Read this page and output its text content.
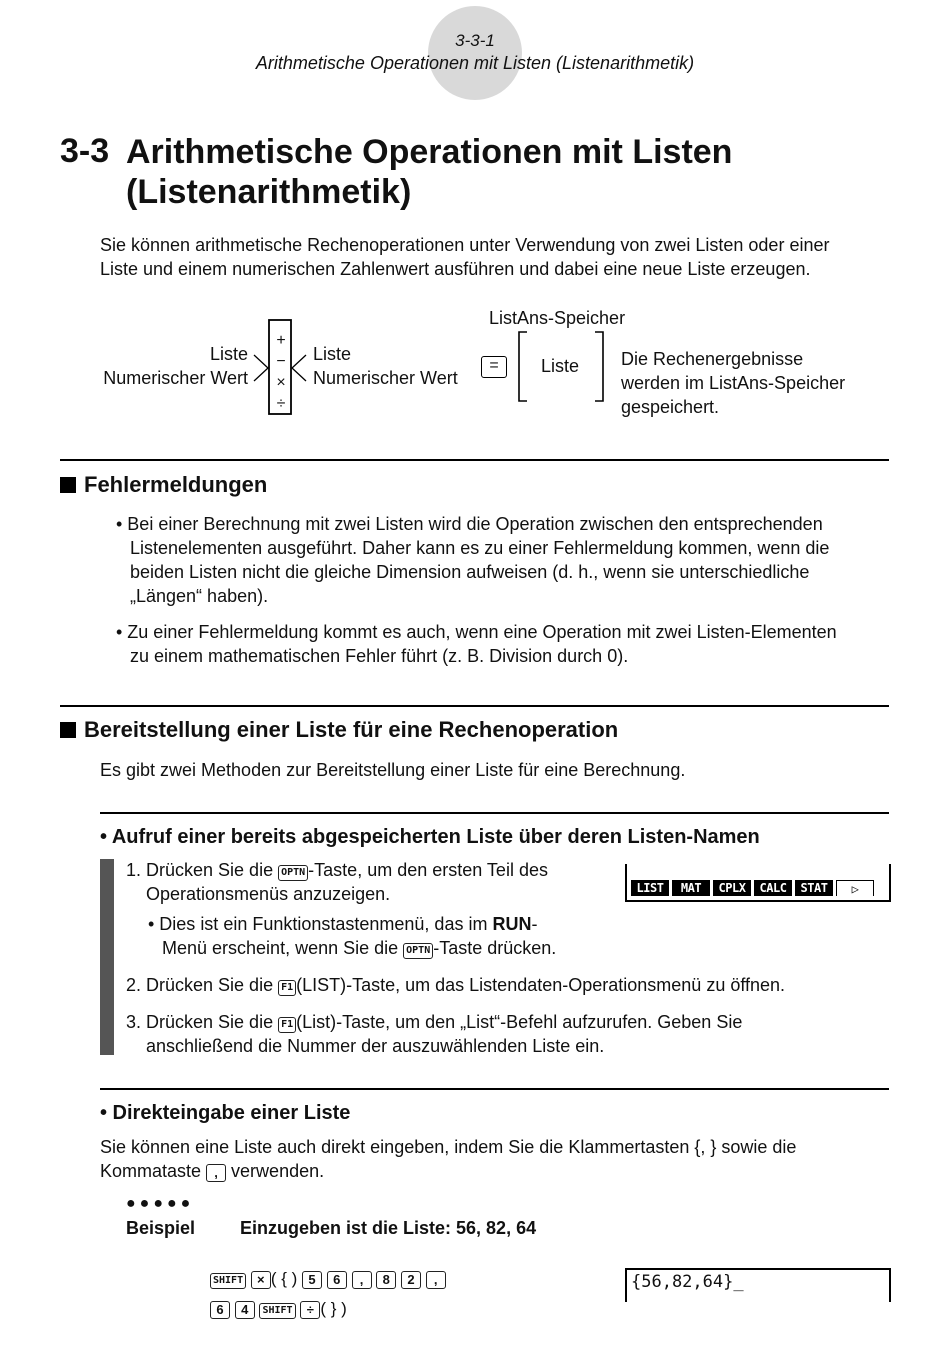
3-3-1
Arithmetische Operationen mit Listen (Listenarithmetik)
3-3 Arithmetische Operationen mit Listen
(Listenarithmetik)
Sie können arithmetische Rechenoperationen unter Verwendung von zwei Listen oder einer
Liste und einem numerischen Zahlenwert ausführen und dabei eine neue Liste erzeugen.
Liste
Numerischer Wert
+
−
×
÷
Liste
Numerischer Wert
=
ListAns-Speicher
Liste Die Rechenergebnisse
werden im ListAns-Speicher
gespeichert.
Fehlermeldungen
• Bei einer Berechnung mit zwei Listen wird die Operation zwischen den entsprechenden
Listenelementen ausgeführt. Daher kann es zu einer Fehlermeldung kommen, wenn die
beiden Listen nicht die gleiche Dimension aufweisen (d. h., wenn sie unterschiedliche
„Längen“ haben).
• Zu einer Fehlermeldung kommt es auch, wenn eine Operation mit zwei Listen-Elementen
zu einem mathematischen Fehler führt (z. B. Division durch 0).
Bereitstellung einer Liste für eine Rechenoperation
Es gibt zwei Methoden zur Bereitstellung einer Liste für eine Berechnung.
• Aufruf einer bereits abgespeicherten Liste über deren Listen-Namen
1. Drücken Sie die OPTN -Taste, um den ersten Teil des
Operationsmenüs anzuzeigen.
• Dies ist ein Funktionstastenmenü, das im RUN-
Menü erscheint, wenn Sie die OPTN -Taste drücken.
LIST	MAT	CPLX	CALC	STAT	▷
2. Drücken Sie die F1 (LIST)-Taste, um das Listendaten-Operationsmenü zu öffnen.
3. Drücken Sie die F1 (List)-Taste, um den „List“-Befehl aufzurufen. Geben Sie
anschließend die Nummer der auszuwählenden Liste ein.
• Direkteingabe einer Liste
Sie können eine Liste auch direkt eingeben, indem Sie die Klammertasten {, } sowie die
Kommataste , verwenden.
●●●●●
Beispiel Einzugeben ist die Liste: 56, 82, 64
SHIFT × ( { ) 5 6 , 8 2 ,
6 4 SHIFT ÷ ( } )
{56,82,64}_
